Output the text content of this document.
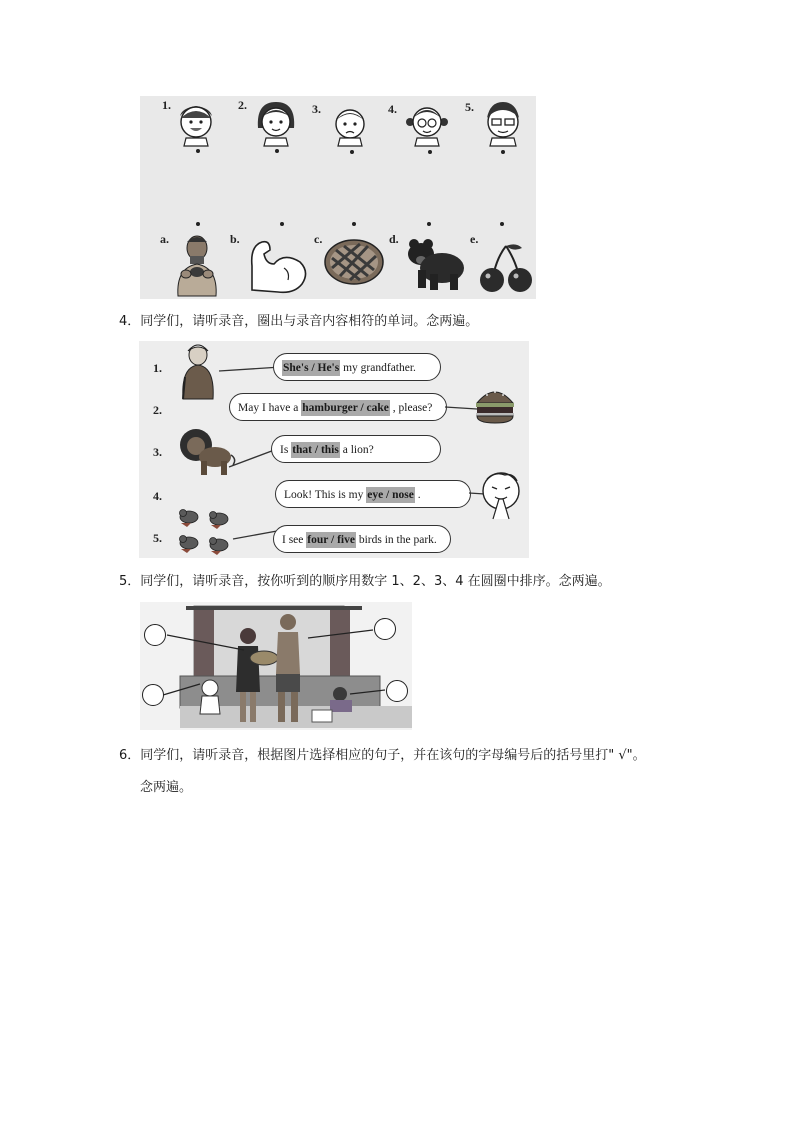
1.	2.	3.	4.	5.
a.	b.	c.	d.	e.
4．同学们，请听录音，圈出与录音内容相符的单词。念两遍。
1.
2.
3.
4.
5.
She's / He's my grandfather.
May I have a hamburger / cake , please?
Is that / this a lion?
Look! This is my eye / nose .
I see four / five birds in the park.
5．同学们，请听录音，按你听到的顺序用数字 1、2、3、4 在圆圈中排序。念两遍。
6．同学们，请听录音，根据图片选择相应的句子，并在该句的字母编号后的括号里打" √"。
念两遍。
